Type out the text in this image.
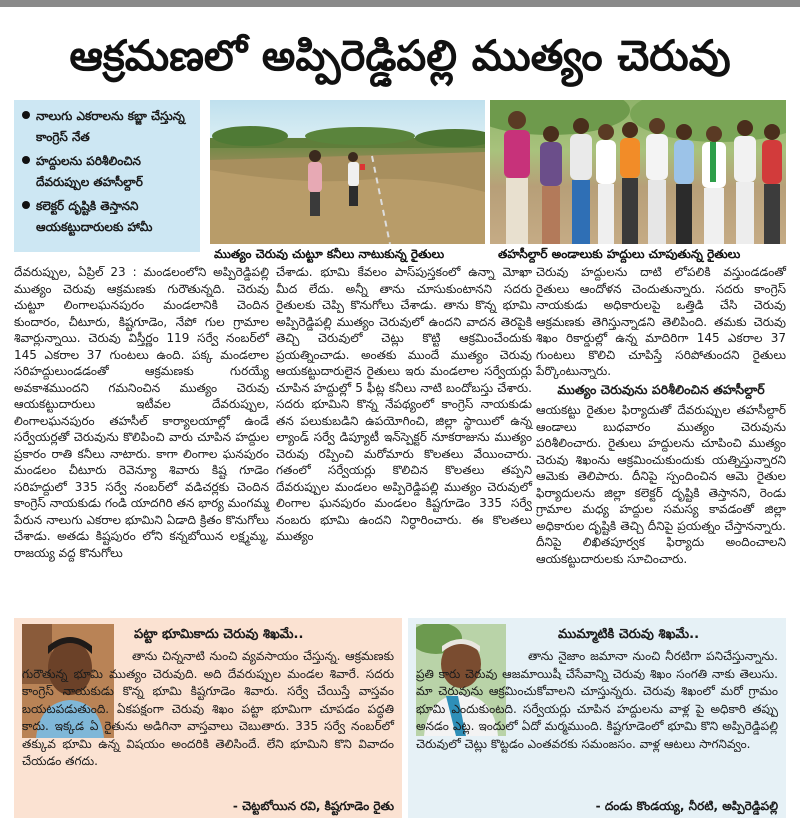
ఆక్రమణలో అప్పిరెడ్డిపల్లి ముత్యం చెరువు
నాలుగు ఎకరాలను కబ్జా చేస్తున్న కాంగ్రెస్ నేత
హద్దులను పరిశీలించిన దేవరుప్పుల తహసీల్దార్
కలెక్టర్ దృష్టికి తెస్తానని ఆయకట్టుదారులకు హామీ
ముత్యం చెరువు చుట్టూ కనీలు నాటుకున్న రైతులు	తహసీల్దార్ అండాలుకు హద్దులు చూపుతున్న రైతులు

దేవరుప్పుల, ఏప్రిల్ 23 : మండలంలోని అప్పిరెడ్డిపల్లి ముత్యం చెరువు ఆక్రమణకు గురౌతున్నది. చెరువు చుట్టూ లింగాలఘనపురం మండలానికి చెందిన కుందారం, చీటూరు, కిష్టగూడెం, నేపో గుల గ్రామాల శివార్లున్నాయి. చెరువు విస్తీర్ణం 119 సర్వే నంబర్‌లో 145 ఎకరాల 37 గుంటలు ఉంది. పక్క మండలాల సరిహద్దులుండడంతో ఆక్రమణకు గురయ్యే అవకాశముందని గమనించిన ముత్యం చెరువు ఆయకట్టుదారులు ఇటీవల దేవరుప్పుల, లింగాలఘనపురం తహసీల్ కార్యాలయాల్లో ఉండే సర్వేయర్లతో చెరువును కొలిపించి వారు చూపిన హద్దుల ప్రకారం రాతి కనీలు నాటారు. కాగా లింగాల ఘనపురం మండలం చీటూరు రెవెన్యూ శివారు కిష్ట గూడెం సరిహద్దులో 335 సర్వే నంబర్‌లో వడిచర్లకు చెందిన కాంగ్రెస్ నాయకుడు గండి యాదగిరి తన భార్య మంగమ్మ పేరున నాలుగు ఎకరాల భూమిని ఏడాది క్రితం కొనుగోలు చేశాడు. అతడు కిష్టపురం లోని కన్నబోయిన లక్ష్మమ్మ, రాజయ్య వద్ద కొనుగోలు

చేశాడు. భూమి కేవలం పాస్‌పుస్తకంలో ఉన్నా మోఖా మీద లేదు. అన్నీ తాను చూసుకుంటానని సదరు రైతులకు చెప్పి కొనుగోలు చేశాడు. తాను కొన్న భూమి అప్పిరెడ్డిపల్లి ముత్యం చెరువులో ఉందని వాదన తెరపైకి తెచ్చి చెరువులో చెట్లు కొట్టి ఆక్రమించేందుకు ప్రయత్నించాడు. అంతకు ముందే ముత్యం చెరువు ఆయకట్టుదారులైన రైతులు ఇరు మండలాల సర్వేయర్లు చూపిన హద్దుల్లో 5 ఫీట్ల కనీలు నాటి బందోబస్తు చేశారు. సదరు భూమిని కొన్న నేపథ్యంలో కాంగ్రెస్ నాయకుడు తన పలుకుబడిని ఉపయోగించి, జిల్లా స్థాయిలో ఉన్న ల్యాండ్ సర్వే డిప్యూటీ ఇన్‌స్పెక్టర్ నూకరాజును ముత్యం చెరువు రప్పించి మరోమారు కొలతలు వేయించారు. గతంలో సర్వేయర్లు కొలిచిన కొలతలు తప్పని దేవరుప్పుల మండలం అప్పిరెడ్డిపల్లి ముత్యం చెరువులో లింగాల ఘనపురం మండలం కిష్టగూడెం 335 సర్వే నంబరు భూమి ఉందని నిర్ధారించారు. ఈ కొలతలు ముత్యం

చెరువు హద్దులను దాటి లోపలికి వస్తుండడంతో రైతులు ఆందోళన చెందుతున్నారు. సదరు కాంగ్రెస్ నాయకుడు అధికారులపై ఒత్తిడి చేసి చెరువు ఆక్రమణకు తెగిస్తున్నాడని తెలిపింది. తమకు చెరువు శిఖం రికార్డుల్లో ఉన్న మాదిరిగా 145 ఎకరాల 37 గుంటలు కొలిచి చూపిస్తే సరిపోతుందని రైతులు పేర్కొంటున్నారు.

ముత్యం చెరువును పరిశీలించిన తహసీల్దార్

ఆయకట్టు రైతుల ఫిర్యాదుతో దేవరుప్పుల తహసీల్దార్ ఆండాలు బుధవారం ముత్యం చెరువును పరిశీలించారు. రైతులు హద్దులను చూపించి ముత్యం చెరువు శిఖంను ఆక్రమించుకుందుకు యత్నిస్తున్నారని ఆమెకు తెలిపారు. దీనిపై స్పందించిన ఆమె రైతుల ఫిర్యాదులను జిల్లా కలెక్టర్ దృష్టికి తెస్తానని, రెండు గ్రామాల మధ్య హద్దుల సమస్య కావడంతో జిల్లా అధికారుల దృష్టికి తెచ్చి దీనిపై ప్రయత్నం చేస్తానన్నారు. దీనిపై లిఖితపూర్వక ఫిర్యాదు అందించాలని ఆయకట్టుదారులకు సూచించారు.

పట్టా భూమికాదు చెరువు శిఖమే..
తాను చిన్ననాటి నుంచి వ్యవసాయం చేస్తున్న. ఆక్రమణకు గురౌతున్న భూమి ముత్యం చెరువుది. అది దేవరుప్పుల మండల శివారే. సదరు కాంగ్రెస్ నాయకుడు కొన్న భూమి కిష్టగూడెం శివారు. సర్వే చేయిస్తే వాస్తవం బయటపడుతుంది. ఏకపక్షంగా చెరువు శిఖం పట్టా భూమిగా చూపడం పద్ధతి కాదు. ఇక్కడ ఏ రైతును అడిగినా వాస్తవాలు చెబుతారు. 335 సర్వే నంబర్‌లో తక్కువ భూమి ఉన్న విషయం అందరికి తెలిసిందే. లేని భూమిని కొని వివాదం చేయడం తగదు.
- చెట్టబోయిన రవి, కిష్టగూడెం రైతు
ముమ్మాటికి చెరువు శిఖమే..
తాను నైజాం జమానా నుంచి నీరటిగా పనిచేస్తున్నాను. ప్రతి కారు చెరువు ఆజమాయిషీ చేసేవాన్ని చెరువు శిఖం సంగతి నాకు తెలుసు. మా చెరువును ఆక్రమించుకోవాలని చూస్తున్నరు. చెరువు శిఖంలో మరో గ్రామం భూమి ఎందుకుంటది. సర్వేయర్లు చూపిన హద్దులను వాళ్ల పై అధికారి తప్పు అనడం ఎట్ల. ఇందులో ఏదో మర్మముంది. కిష్టగూడెంలో భూమి కొని అప్పిరెడ్డిపల్లి చెరువులో చెట్లు కొట్టడం ఎంతవరకు సమంజసం. వాళ్ల ఆటలు సాగనివ్వం.
- దండు కొండయ్య, నీరటి, అప్పిరెడ్డిపల్లి
